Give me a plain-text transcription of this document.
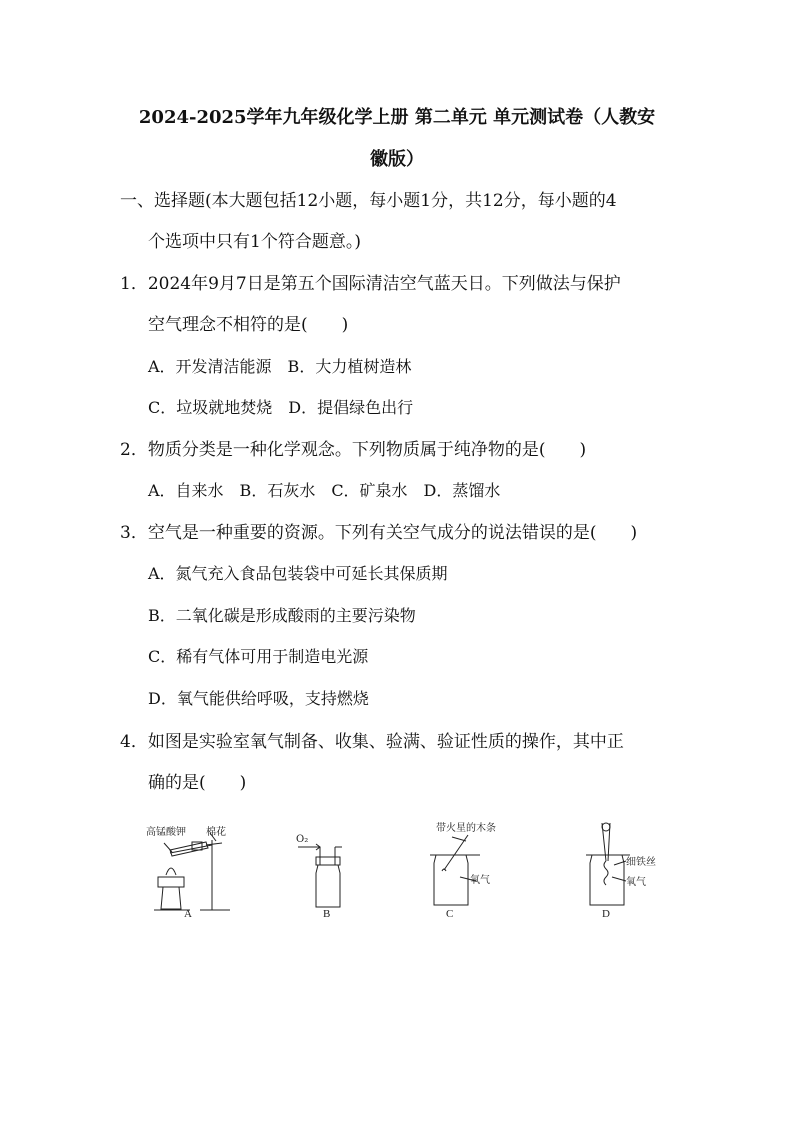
2024-2025学年九年级化学上册 第二单元 单元测试卷（人教安
徽版）
一、选择题(本大题包括12小题，每小题1分，共12分，每小题的4
个选项中只有1个符合题意。)
1．2024年9月7日是第五个国际清洁空气蓝天日。下列做法与保护
空气理念不相符的是(　　)
A．开发清洁能源　B．大力植树造林
C．垃圾就地焚烧　D．提倡绿色出行
2．物质分类是一种化学观念。下列物质属于纯净物的是(　　)
A．自来水　B．石灰水　C．矿泉水　D．蒸馏水
3．空气是一种重要的资源。下列有关空气成分的说法错误的是(　　)
A．氮气充入食品包装袋中可延长其保质期
B．二氧化碳是形成酸雨的主要污染物
C．稀有气体可用于制造电光源
D．氧气能供给呼吸，支持燃烧
4．如图是实验室氧气制备、收集、验满、验证性质的操作，其中正
确的是(　　)
高锰酸钾 棉花
O₂
带火星的木条
氧气
细铁丝
氧气
A	B	C	D
